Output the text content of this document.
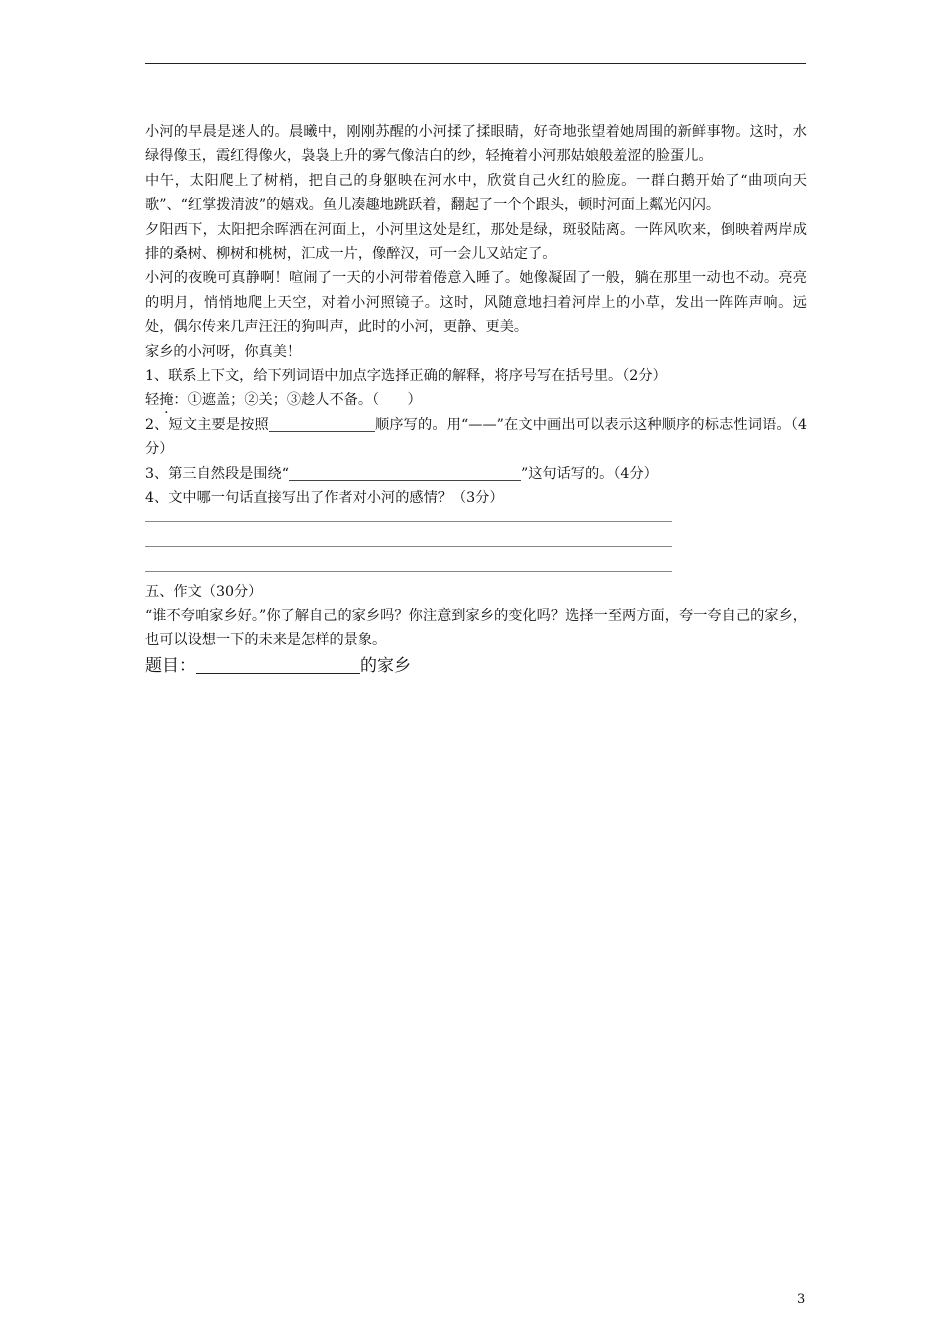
小河的早晨是迷人的。晨曦中，刚刚苏醒的小河揉了揉眼睛，好奇地张望着她周围的新鲜事物。这时，水绿得像玉，霞红得像火，袅袅上升的雾气像洁白的纱，轻掩着小河那姑娘般羞涩的脸蛋儿。

中午，太阳爬上了树梢，把自己的身躯映在河水中，欣赏自己火红的脸庞。一群白鹅开始了“曲项向天歌”、“红掌拨清波”的嬉戏。鱼儿凑趣地跳跃着，翻起了一个个跟头，顿时河面上粼光闪闪。

夕阳西下，太阳把余晖洒在河面上，小河里这处是红，那处是绿，斑驳陆离。一阵风吹来，倒映着两岸成排的桑树、柳树和桃树，汇成一片，像醉汉，可一会儿又站定了。

小河的夜晚可真静啊！喧闹了一天的小河带着倦意入睡了。她像凝固了一般，躺在那里一动也不动。亮亮的明月，悄悄地爬上天空，对着小河照镜子。这时，风随意地扫着河岸上的小草，发出一阵阵声响。远处，偶尔传来几声汪汪的狗叫声，此时的小河，更静、更美。

家乡的小河呀，你真美！

1、联系上下文，给下列词语中加点字选择正确的解释，将序号写在括号里。（2分）

轻掩：①遮盖；②关；③趁人不备。（　　）

2、短文主要是按照	顺序写的。用“——”在文中画出可以表示这种顺序的标志性词语。（4分）

3、第三自然段是围绕“	”这句话写的。（4分）

4、文中哪一句话直接写出了作者对小河的感情？（3分）

五、作文（30分）

“谁不夸咱家乡好。”你了解自己的家乡吗？你注意到家乡的变化吗？选择一至两方面，夸一夸自己的家乡，也可以设想一下的未来是怎样的景象。

题目：	的家乡

3
